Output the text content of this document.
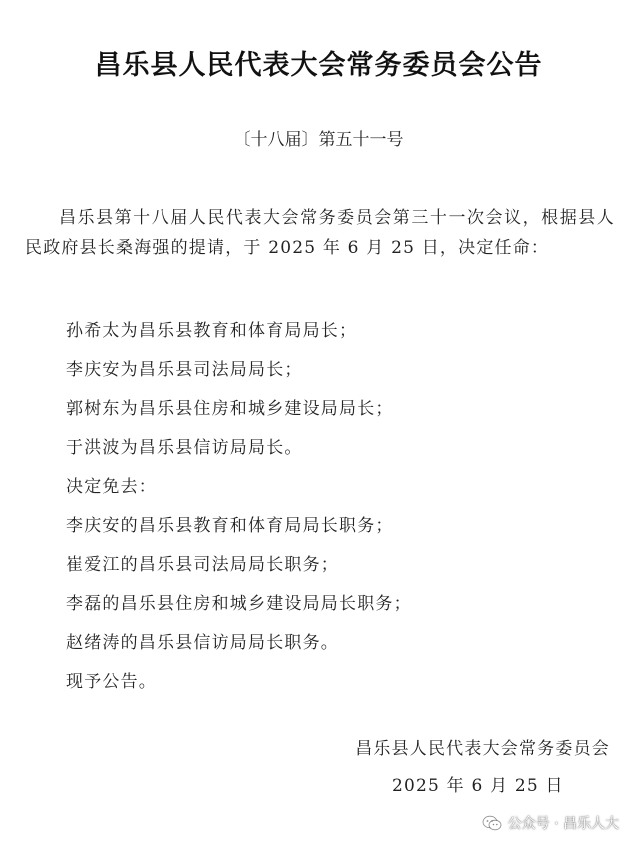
昌乐县人民代表大会常务委员会公告
〔十八届〕第五十一号
昌乐县第十八届人民代表大会常务委员会第三十一次会议，根据县人民政府县长桑海强的提请，于 2025 年 6 月 25 日，决定任命：
孙希太为昌乐县教育和体育局局长；
李庆安为昌乐县司法局局长；
郭树东为昌乐县住房和城乡建设局局长；
于洪波为昌乐县信访局局长。
决定免去：
李庆安的昌乐县教育和体育局局长职务；
崔爱江的昌乐县司法局局长职务；
李磊的昌乐县住房和城乡建设局局长职务；
赵绪涛的昌乐县信访局局长职务。
现予公告。
昌乐县人民代表大会常务委员会
2025 年 6 月 25 日
公众号 · 昌乐人大
